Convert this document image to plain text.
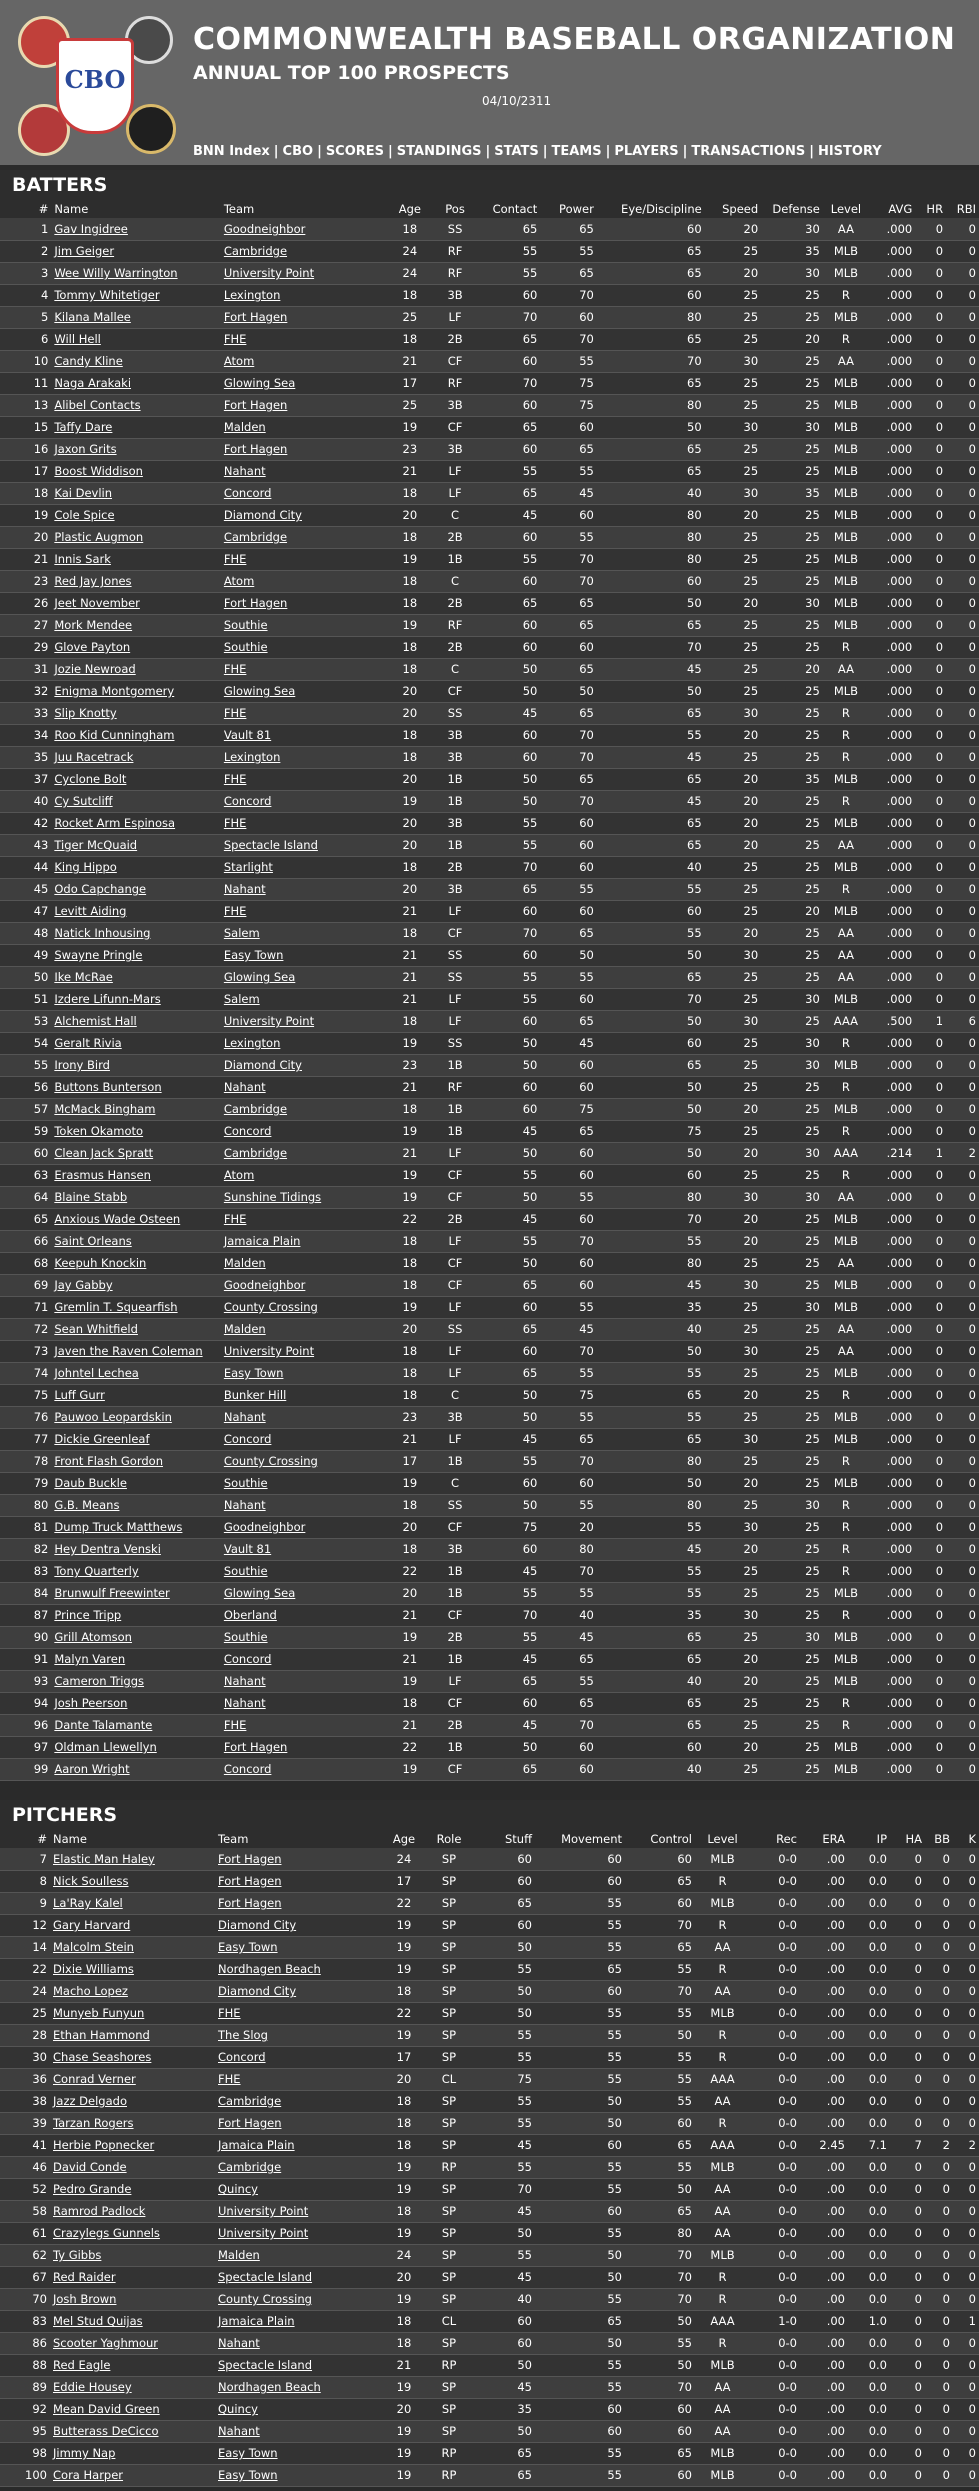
CBO
COMMONWEALTH BASEBALL ORGANIZATION
ANNUAL TOP 100 PROSPECTS
04/10/2311
BNN Index | CBO | SCORES | STANDINGS | STATS | TEAMS | PLAYERS | TRANSACTIONS | HISTORY
BATTERS
#	Name	Team	Age	Pos	Contact	Power	Eye/Discipline	Speed	Defense	Level	AVG	HR	RBI
1	Gav Ingidree	Goodneighbor	18	SS	65	65	60	20	30	AA	.000	0	0
2	Jim Geiger	Cambridge	24	RF	55	55	65	25	35	MLB	.000	0	0
3	Wee Willy Warrington	University Point	24	RF	55	65	65	20	30	MLB	.000	0	0
4	Tommy Whitetiger	Lexington	18	3B	60	70	60	25	25	R	.000	0	0
5	Kilana Mallee	Fort Hagen	25	LF	70	60	80	25	25	MLB	.000	0	0
6	Will Hell	FHE	18	2B	65	70	65	25	20	R	.000	0	0
10	Candy Kline	Atom	21	CF	60	55	70	30	25	AA	.000	0	0
11	Naga Arakaki	Glowing Sea	17	RF	70	75	65	25	25	MLB	.000	0	0
13	Alibel Contacts	Fort Hagen	25	3B	60	75	80	25	25	MLB	.000	0	0
15	Taffy Dare	Malden	19	CF	65	60	50	30	30	MLB	.000	0	0
16	Jaxon Grits	Fort Hagen	23	3B	60	65	65	25	25	MLB	.000	0	0
17	Boost Widdison	Nahant	21	LF	55	55	65	25	25	MLB	.000	0	0
18	Kai Devlin	Concord	18	LF	65	45	40	30	35	MLB	.000	0	0
19	Cole Spice	Diamond City	20	C	45	60	80	20	25	MLB	.000	0	0
20	Plastic Augmon	Cambridge	18	2B	60	55	80	25	25	MLB	.000	0	0
21	Innis Sark	FHE	19	1B	55	70	80	25	25	MLB	.000	0	0
23	Red Jay Jones	Atom	18	C	60	70	60	25	25	MLB	.000	0	0
26	Jeet November	Fort Hagen	18	2B	65	65	50	20	30	MLB	.000	0	0
27	Mork Mendee	Southie	19	RF	60	65	65	25	25	MLB	.000	0	0
29	Glove Payton	Southie	18	2B	60	60	70	25	25	R	.000	0	0
31	Jozie Newroad	FHE	18	C	50	65	45	25	20	AA	.000	0	0
32	Enigma Montgomery	Glowing Sea	20	CF	50	50	50	25	25	MLB	.000	0	0
33	Slip Knotty	FHE	20	SS	45	65	65	30	25	R	.000	0	0
34	Roo Kid Cunningham	Vault 81	18	3B	60	70	55	20	25	R	.000	0	0
35	Juu Racetrack	Lexington	18	3B	60	70	45	25	25	R	.000	0	0
37	Cyclone Bolt	FHE	20	1B	50	65	65	20	35	MLB	.000	0	0
40	Cy Sutcliff	Concord	19	1B	50	70	45	20	25	R	.000	0	0
42	Rocket Arm Espinosa	FHE	20	3B	55	60	65	20	25	MLB	.000	0	0
43	Tiger McQuaid	Spectacle Island	20	1B	55	60	65	20	25	AA	.000	0	0
44	King Hippo	Starlight	18	2B	70	60	40	25	25	MLB	.000	0	0
45	Odo Capchange	Nahant	20	3B	65	55	55	25	25	R	.000	0	0
47	Levitt Aiding	FHE	21	LF	60	60	60	25	20	MLB	.000	0	0
48	Natick Inhousing	Salem	18	CF	70	65	55	20	25	AA	.000	0	0
49	Swayne Pringle	Easy Town	21	SS	60	50	50	30	25	AA	.000	0	0
50	Ike McRae	Glowing Sea	21	SS	55	55	65	25	25	AA	.000	0	0
51	Izdere Lifunn-Mars	Salem	21	LF	55	60	70	25	30	MLB	.000	0	0
53	Alchemist Hall	University Point	18	LF	60	65	50	30	25	AAA	.500	1	6
54	Geralt Rivia	Lexington	19	SS	50	45	60	25	30	R	.000	0	0
55	Irony Bird	Diamond City	23	1B	50	60	65	25	30	MLB	.000	0	0
56	Buttons Bunterson	Nahant	21	RF	60	60	50	25	25	R	.000	0	0
57	McMack Bingham	Cambridge	18	1B	60	75	50	20	25	MLB	.000	0	0
59	Token Okamoto	Concord	19	1B	45	65	75	25	25	R	.000	0	0
60	Clean Jack Spratt	Cambridge	21	LF	50	60	50	20	30	AAA	.214	1	2
63	Erasmus Hansen	Atom	19	CF	55	60	60	25	25	R	.000	0	0
64	Blaine Stabb	Sunshine Tidings	19	CF	50	55	80	30	30	AA	.000	0	0
65	Anxious Wade Osteen	FHE	22	2B	45	60	70	20	25	MLB	.000	0	0
66	Saint Orleans	Jamaica Plain	18	LF	55	70	55	20	25	MLB	.000	0	0
68	Keepuh Knockin	Malden	18	CF	50	60	80	25	25	AA	.000	0	0
69	Jay Gabby	Goodneighbor	18	CF	65	60	45	30	25	MLB	.000	0	0
71	Gremlin T. Squearfish	County Crossing	19	LF	60	55	35	25	30	MLB	.000	0	0
72	Sean Whitfield	Malden	20	SS	65	45	40	25	25	AA	.000	0	0
73	Javen the Raven Coleman	University Point	18	LF	60	70	50	30	25	AA	.000	0	0
74	Johntel Lechea	Easy Town	18	LF	65	55	55	25	25	MLB	.000	0	0
75	Luff Gurr	Bunker Hill	18	C	50	75	65	20	25	R	.000	0	0
76	Pauwoo Leopardskin	Nahant	23	3B	50	55	55	25	25	MLB	.000	0	0
77	Dickie Greenleaf	Concord	21	LF	45	65	65	30	25	MLB	.000	0	0
78	Front Flash Gordon	County Crossing	17	1B	55	70	80	25	25	R	.000	0	0
79	Daub Buckle	Southie	19	C	60	60	50	20	25	MLB	.000	0	0
80	G.B. Means	Nahant	18	SS	50	55	80	25	30	R	.000	0	0
81	Dump Truck Matthews	Goodneighbor	20	CF	75	20	55	30	25	R	.000	0	0
82	Hey Dentra Venski	Vault 81	18	3B	60	80	45	20	25	R	.000	0	0
83	Tony Quarterly	Southie	22	1B	45	70	55	25	25	R	.000	0	0
84	Brunwulf Freewinter	Glowing Sea	20	1B	55	55	55	25	25	MLB	.000	0	0
87	Prince Tripp	Oberland	21	CF	70	40	35	30	25	R	.000	0	0
90	Grill Atomson	Southie	19	2B	55	45	65	25	30	MLB	.000	0	0
91	Malyn Varen	Concord	21	1B	45	65	65	20	25	MLB	.000	0	0
93	Cameron Triggs	Nahant	19	LF	65	55	40	20	25	MLB	.000	0	0
94	Josh Peerson	Nahant	18	CF	60	65	65	25	25	R	.000	0	0
96	Dante Talamante	FHE	21	2B	45	70	65	25	25	R	.000	0	0
97	Oldman Llewellyn	Fort Hagen	22	1B	50	60	60	20	25	MLB	.000	0	0
99	Aaron Wright	Concord	19	CF	65	60	40	25	25	MLB	.000	0	0
PITCHERS
#	Name	Team	Age	Role	Stuff	Movement	Control	Level	Rec	ERA	IP	HA	BB	K
7	Elastic Man Haley	Fort Hagen	24	SP	60	60	60	MLB	0-0	.00	0.0	0	0	0
8	Nick Soulless	Fort Hagen	17	SP	60	60	65	R	0-0	.00	0.0	0	0	0
9	La'Ray Kalel	Fort Hagen	22	SP	65	55	60	MLB	0-0	.00	0.0	0	0	0
12	Gary Harvard	Diamond City	19	SP	60	55	70	R	0-0	.00	0.0	0	0	0
14	Malcolm Stein	Easy Town	19	SP	50	55	65	AA	0-0	.00	0.0	0	0	0
22	Dixie Williams	Nordhagen Beach	19	SP	55	65	55	R	0-0	.00	0.0	0	0	0
24	Macho Lopez	Diamond City	18	SP	50	60	70	AA	0-0	.00	0.0	0	0	0
25	Munyeb Funyun	FHE	22	SP	50	55	55	MLB	0-0	.00	0.0	0	0	0
28	Ethan Hammond	The Slog	19	SP	55	55	50	R	0-0	.00	0.0	0	0	0
30	Chase Seashores	Concord	17	SP	55	55	55	R	0-0	.00	0.0	0	0	0
36	Conrad Verner	FHE	20	CL	75	55	55	AAA	0-0	.00	0.0	0	0	0
38	Jazz Delgado	Cambridge	18	SP	55	50	55	AA	0-0	.00	0.0	0	0	0
39	Tarzan Rogers	Fort Hagen	18	SP	55	50	60	R	0-0	.00	0.0	0	0	0
41	Herbie Popnecker	Jamaica Plain	18	SP	45	60	65	AAA	0-0	2.45	7.1	7	2	2
46	David Conde	Cambridge	19	RP	55	55	55	MLB	0-0	.00	0.0	0	0	0
52	Pedro Grande	Quincy	19	SP	70	55	50	AA	0-0	.00	0.0	0	0	0
58	Ramrod Padlock	University Point	18	SP	45	60	65	AA	0-0	.00	0.0	0	0	0
61	Crazylegs Gunnels	University Point	19	SP	50	55	80	AA	0-0	.00	0.0	0	0	0
62	Ty Gibbs	Malden	24	SP	55	50	70	MLB	0-0	.00	0.0	0	0	0
67	Red Raider	Spectacle Island	20	SP	45	50	70	R	0-0	.00	0.0	0	0	0
70	Josh Brown	County Crossing	19	SP	40	55	70	R	0-0	.00	0.0	0	0	0
83	Mel Stud Quijas	Jamaica Plain	18	CL	60	65	50	AAA	1-0	.00	1.0	0	0	1
86	Scooter Yaghmour	Nahant	18	SP	60	50	55	R	0-0	.00	0.0	0	0	0
88	Red Eagle	Spectacle Island	21	RP	50	55	50	MLB	0-0	.00	0.0	0	0	0
89	Eddie Housey	Nordhagen Beach	19	SP	45	55	70	AA	0-0	.00	0.0	0	0	0
92	Mean David Green	Quincy	20	SP	35	60	60	AA	0-0	.00	0.0	0	0	0
95	Butterass DeCicco	Nahant	19	SP	50	60	60	AA	0-0	.00	0.0	0	0	0
98	Jimmy Nap	Easy Town	19	RP	65	55	65	MLB	0-0	.00	0.0	0	0	0
100	Cora Harper	Easy Town	19	RP	65	55	60	MLB	0-0	.00	0.0	0	0	0
